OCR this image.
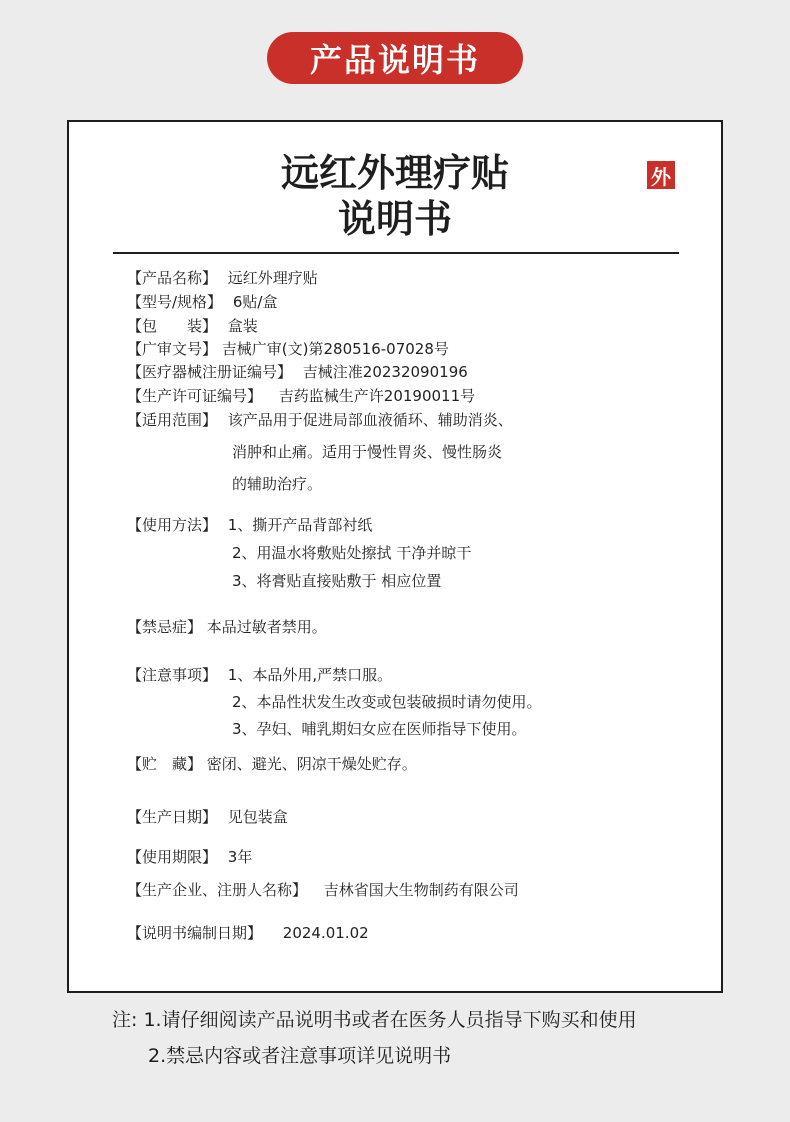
产品说明书
远红外理疗贴
说明书
外
【产品名称】 远红外理疗贴
【型号/规格】 6贴/盒
【包　　装】 盒装
【广审文号】 吉械广审(文)第280516-07028号
【医疗器械注册证编号】 吉械注准20232090196
【生产许可证编号】 吉药监械生产许20190011号
【适用范围】 该产品用于促进局部血液循环、辅助消炎、
消肿和止痛。适用于慢性胃炎、慢性肠炎
的辅助治疗。
【使用方法】 1、撕开产品背部衬纸
2、用温水将敷贴处擦拭 干净并晾干
3、将膏贴直接贴敷于 相应位置
【禁忌症】 本品过敏者禁用。
【注意事项】 1、本品外用,严禁口服。
2、本品性状发生改变或包装破损时请勿使用。
3、孕妇、哺乳期妇女应在医师指导下使用。
【贮　藏】 密闭、避光、阴凉干燥处贮存。
【生产日期】 见包装盒
【使用期限】 3年
【生产企业、注册人名称】 吉林省国大生物制药有限公司
【说明书编制日期】 2024.01.02
注: 1.请仔细阅读产品说明书或者在医务人员指导下购买和使用
2.禁忌内容或者注意事项详见说明书
